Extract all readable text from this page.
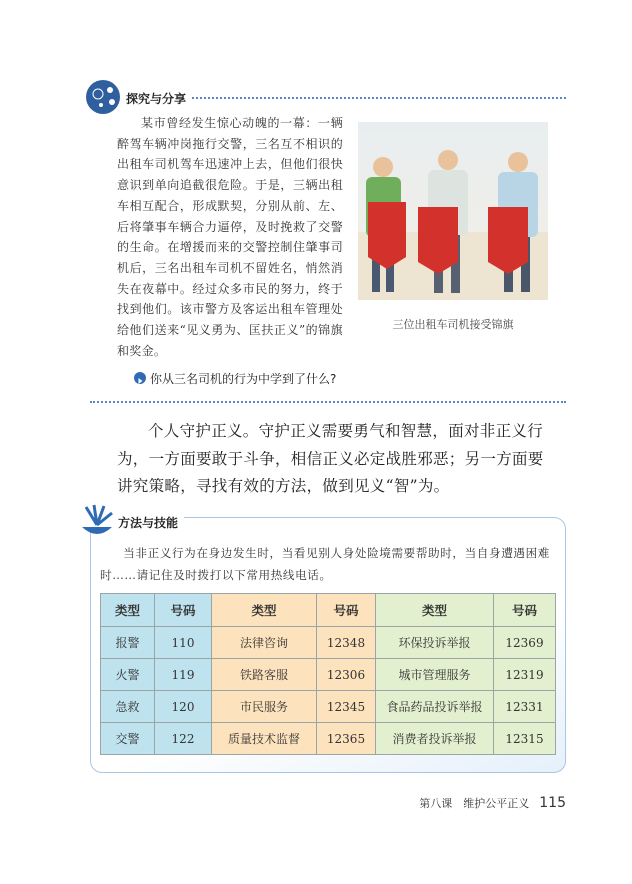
探究与分享
三位出租车司机接受锦旗
某市曾经发生惊心动魄的一幕：一辆醉驾车辆冲岗拖行交警，三名互不相识的出租车司机驾车迅速冲上去，但他们很快意识到单向追截很危险。于是，三辆出租车相互配合，形成默契，分别从前、左、后将肇事车辆合力逼停，及时挽救了交警的生命。在增援而来的交警控制住肇事司机后，三名出租车司机不留姓名，悄然消失在夜幕中。经过众多市民的努力，终于找到他们。该市警方及客运出租车管理处给他们送来“见义勇为、匡扶正义”的锦旗和奖金。
你从三名司机的行为中学到了什么?
个人守护正义。守护正义需要勇气和智慧，面对非正义行为，一方面要敢于斗争，相信正义必定战胜邪恶；另一方面要讲究策略，寻找有效的方法，做到见义“智”为。
方法与技能
当非正义行为在身边发生时，当看见别人身处险境需要帮助时，当自身遭遇困难时……请记住及时拨打以下常用热线电话。
类型	号码	类型	号码	类型	号码
报警	110	法律咨询	12348	环保投诉举报	12369
火警	119	铁路客服	12306	城市管理服务	12319
急救	120	市民服务	12345	食品药品投诉举报	12331
交警	122	质量技术监督	12365	消费者投诉举报	12315
第八课　维护公平正义 115
